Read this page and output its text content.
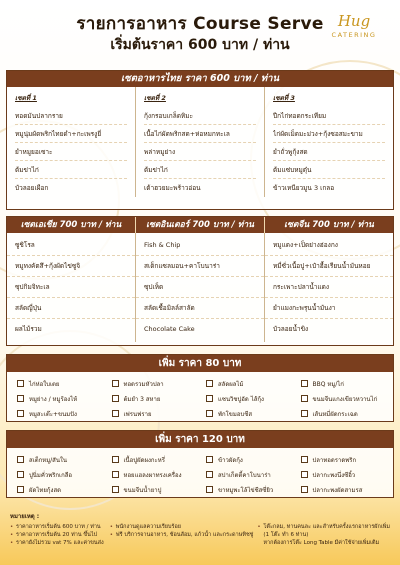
รายการอาหาร Course Serve
เริ่มต้นราคา 600 บาท / ท่าน
Hug
CATERING
เซตอาหารไทย ราคา 600 บาท / ท่าน
เซตที่ 1
ทอดมันปลากราย
หมูนุ่มผัดพริกไทยดำ+กะเพรงูยี่
ยำหมูยอเซาะ
ต้มข่าไก่
บัวลอยเผือก
เซตที่ 2
กุ้งกรอบเกล็ดหิมะ
เนื้อไก่ผัดพริกสด+ห่อหมกทะเล
พล่าหมูย่าง
ต้มข่าไก่
เต้าฮวยมะพร้าวอ่อน
เซตที่ 3
ปีกไก่ทอดกระเทียม
ไก่ผัดเม็ดมะม่วง+กุ้งซอสมะขาม
ยำถั่วพูกุ้งสด
ต้มแซ่บหมูตุ๋น
ข้าวเหนียวมูน 3 เกลอ
เซตเอเชีย 700 บาท / ท่าน	เซตอินเตอร์ 700 บาท / ท่าน	เซตจีน 700 บาท / ท่าน
ซูชิโรล
หมูทงคัตสึ+กุ้งผัดไข่ซูจิ
ซุปกิมจิทะเล
สลัดญี่ปุ่น
ผลไม้รวม
Fish & Chip
สเต็กแซลมอน+คาโบนาร่า
ซุปเห็ด
สลัดเชื้อมิลล์สาลัด
Chocolate Cake
หมูแดง+เป็ดย่างฮ่องกง
หมี่ซั่วเนื้อปู+เป๋าฮื้อเรียนน้ำมันหอย
กระเพาะปลาน้ำแดง
ยำแมงกะพรุนน้ำมันงา
บัวลอยน้ำขิง
เพิ่ม ราคา 80 บาท
ไก่ห่อใบเตย
หมูย่าง / หมูร้องไห้
หมูสะเต๊ะ+ขนมปัง
ทอดรวมหัวปลา
ต้มยำ 3 สหาย
เฟรนฟราย
สลัดผลไม้
แซนวิชปูอัด ไส้กุ้ง
พักโขมอบชีส
BBQ หมู/ไก่
ขนมจีนแกงเขียวหวานไก่
เส้นหมี่ผัดกระเฉด
เพิ่ม ราคา 120 บาท
สเต็กหมู/สันใน
ปูนิ่มคั่วพริกเกลือ
ผัดไทยกุ้งสด
เนื้อปูผัดผงกะหรี่
หอยแฮลงผาทรงเครื่อง
ขนมจีนน้ำยาปู
ข้าวผัดกุ้ง
สปาเก็ตตี้คาโบนาร่า
ขาหมูพะโล้ไข่ชีสซี่ยิว
ปลาทอดราดพริก
ปลากะพงนึ่งซีอิ้ว
ปลากะพงผัดสามรส
หมายเหตุ :
• ราคาอาหารเริ่มต้น 600 บาท / ท่าน
• ราคาอาหารเริ่มต้น 20 ท่าน ขึ้นไป
• ราคายังไม่รวม vat 7% และค่าขนส่ง
• พนักงานดูแลความเรียบร้อย
• ฟรี บริการจานอาหาร, ช้อนส้อม, แก้วน้ำ และกระดาษทิชชู่
• โต๊ะกลม, ทานคนละ และสำหรับครั้งแรกอาหารผักเพิ่ม
(1 โต๊ะ ทำ 6 ท่าน)
หากต้องการโต๊ะ Long Table มีค่าใช้จ่ายเพิ่มเติม
